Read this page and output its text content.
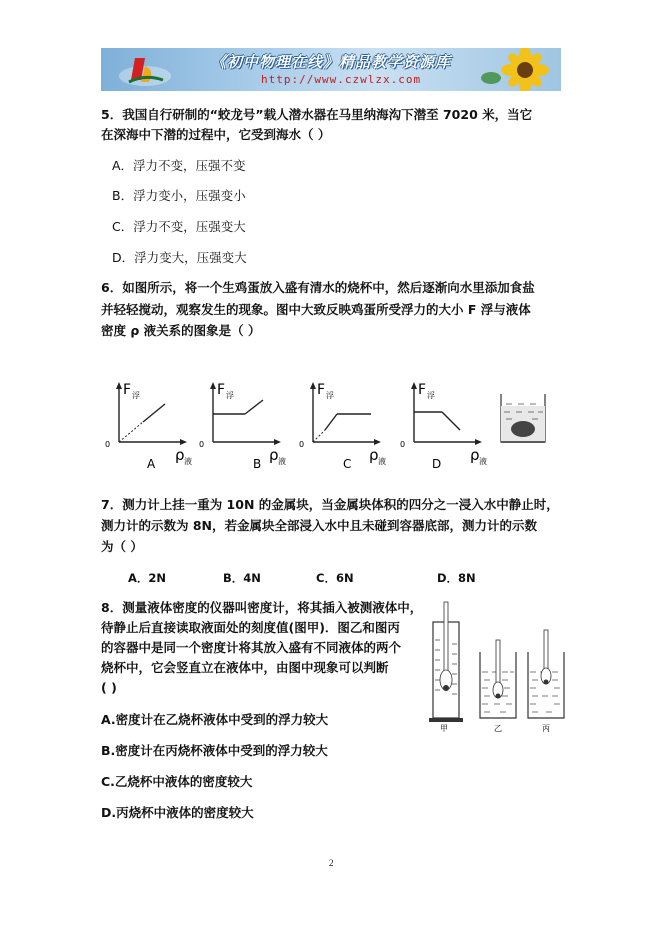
《初中物理在线》精品教学资源库
http://www.czwlzx.com
5．我国自行研制的“蛟龙号”载人潜水器在马里纳海沟下潜至 7020 米，当它
在深海中下潜的过程中，它受到海水（ ）
A．浮力不变，压强不变
B．浮力变小，压强变小
C．浮力不变，压强变大
D．浮力变大，压强变大
6．如图所示，将一个生鸡蛋放入盛有清水的烧杯中，然后逐渐向水里添加食盐
并轻轻搅动，观察发生的现象。图中大致反映鸡蛋所受浮力的大小 F 浮与液体
密度 ρ 液关系的图象是（ ）
F 浮
0
ρ 液
A
F 浮
0
ρ 液
B
F 浮
0
ρ 液
C
F 浮
0
ρ 液
D
7．测力计上挂一重为 10N 的金属块，当金属块体积的四分之一浸入水中静止时，
测力计的示数为 8N，若金属块全部浸入水中且未碰到容器底部，测力计的示数
为（ ）
A．2N	B．4N	C．6N	D．8N
8．测量液体密度的仪器叫密度计，将其插入被测液体中，
待静止后直接读取液面处的刻度值(图甲)．图乙和图丙
的容器中是同一个密度计将其放入盛有不同液体的两个
烧杯中，它会竖直立在液体中，由图中现象可以判断
( )
A.密度计在乙烧杯液体中受到的浮力较大
B.密度计在丙烧杯液体中受到的浮力较大
C.乙烧杯中液体的密度较大
D.丙烧杯中液体的密度较大
甲	乙	丙
2
